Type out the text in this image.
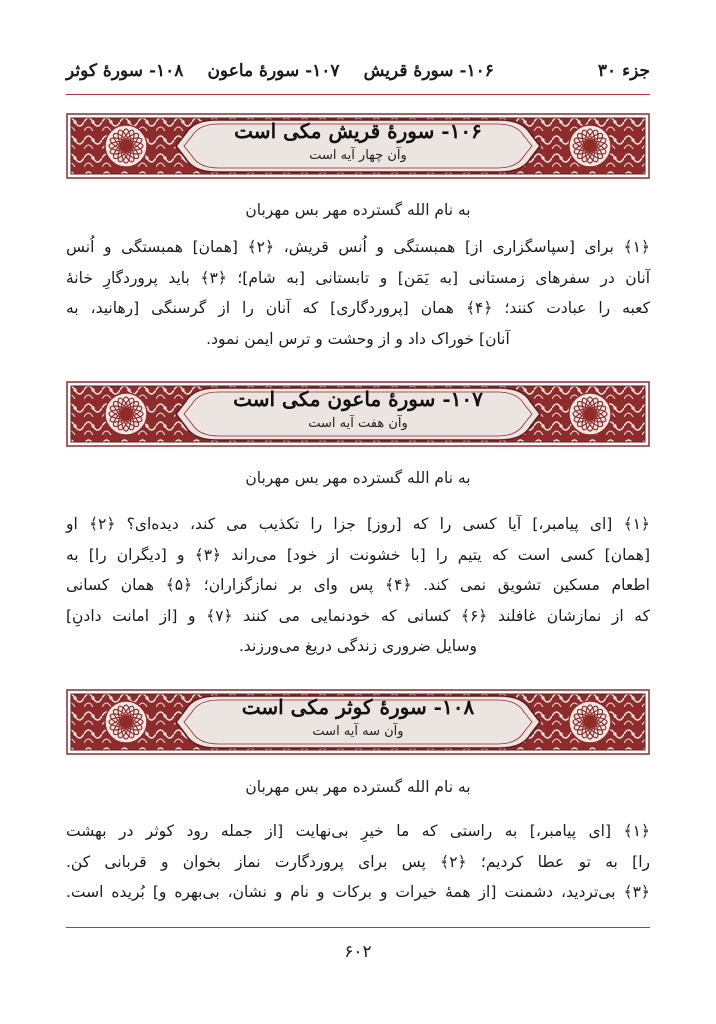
جزء ۳۰
۱۰۶- سورهٔ قریش
۱۰۷- سورهٔ ماعون
۱۰۸- سورهٔ کوثر
۱۰۶- سورهٔ قریش مکی است
وآن چهار آیه است
به نام الله گسترده مهر بس مهربان
﴿۱﴾ برای [سپاسگزاری از] همبستگی و اُنس قریش، ﴿۲﴾ [همان] همبستگی و اُنس
آنان در سفرهای زمستانی [به یَمَن] و تابستانی [به شام]؛ ﴿۳﴾ باید پروردگارِ خانهٔ
کعبه را عبادت کنند؛ ﴿۴﴾ همان [پروردگاری] که آنان را از گرسنگی [رهانید، به
آنان] خوراک داد و از وحشت و ترس ایمن نمود.
۱۰۷- سورهٔ ماعون مکی است
وآن هفت آیه است
به نام الله گسترده مهر بس مهربان
﴿۱﴾ [ای پیامبر،] آیا کسی را که [روز] جزا را تکذیب می کند، دیده‌ای؟ ﴿۲﴾ او
[همان] کسی است که یتیم را [با خشونت از خود] می‌راند ﴿۳﴾ و [دیگران را] به
اطعام مسکین تشویق نمی کند. ﴿۴﴾ پس وای بر نمازگزاران؛ ﴿۵﴾ همان کسانی
که از نمازشان غافلند ﴿۶﴾ کسانی که خودنمایی می کنند ﴿۷﴾ و [از امانت دادنِ]
وسایل ضروری زندگی دریغ می‌ورزند.
۱۰۸- سورهٔ کوثر مکی است
وآن سه آیه است
به نام الله گسترده مهر بس مهربان
﴿۱﴾ [ای پیامبر،] به راستی که ما خیرِ بی‌نهایت [از جمله رود کوثر در بهشت
را] به تو عطا کردیم؛ ﴿۲﴾ پس برای پروردگارت نماز بخوان و قربانی کن.
﴿۳﴾ بی‌تردید، دشمنت [از همهٔ خیرات و برکات و نام و نشان، بی‌بهره و] بُریده است.
۶۰۲
